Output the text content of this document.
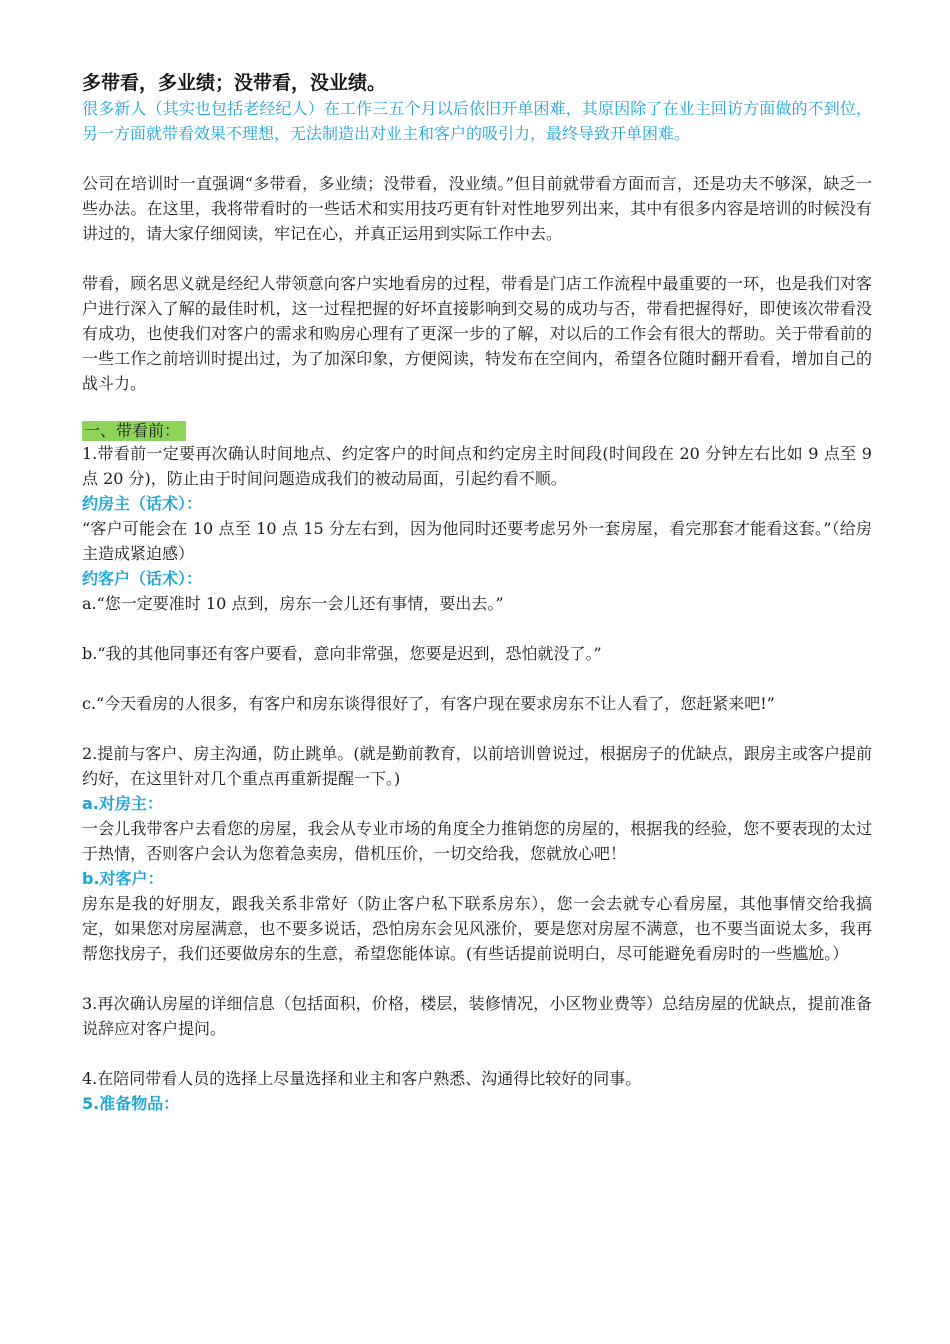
多带看，多业绩；没带看，没业绩。

很多新人（其实也包括老经纪人）在工作三五个月以后依旧开单困难，其原因除了在业主回访方面做的不到位，另一方面就带看效果不理想，无法制造出对业主和客户的吸引力，最终导致开单困难。

公司在培训时一直强调“多带看，多业绩；没带看，没业绩。”但目前就带看方面而言，还是功夫不够深，缺乏一些办法。在这里，我将带看时的一些话术和实用技巧更有针对性地罗列出来，其中有很多内容是培训的时候没有讲过的，请大家仔细阅读，牢记在心，并真正运用到实际工作中去。

带看，顾名思义就是经纪人带领意向客户实地看房的过程，带看是门店工作流程中最重要的一环，也是我们对客户进行深入了解的最佳时机，这一过程把握的好坏直接影响到交易的成功与否，带看把握得好，即使该次带看没有成功，也使我们对客户的需求和购房心理有了更深一步的了解，对以后的工作会有很大的帮助。关于带看前的一些工作之前培训时提出过，为了加深印象，方便阅读，特发布在空间内，希望各位随时翻开看看，增加自己的战斗力。

一、带看前：

1.带看前一定要再次确认时间地点、约定客户的时间点和约定房主时间段(时间段在 20 分钟左右比如 9 点至 9 点 20 分)，防止由于时间问题造成我们的被动局面，引起约看不顺。

约房主（话术）：

“客户可能会在 10 点至 10 点 15 分左右到，因为他同时还要考虑另外一套房屋，看完那套才能看这套。”（给房主造成紧迫感）

约客户（话术）：

a.“您一定要准时 10 点到，房东一会儿还有事情，要出去。”

b.“我的其他同事还有客户要看，意向非常强，您要是迟到，恐怕就没了。”

c.“今天看房的人很多，有客户和房东谈得很好了，有客户现在要求房东不让人看了，您赶紧来吧!”

2.提前与客户、房主沟通，防止跳单。(就是勤前教育，以前培训曾说过，根据房子的优缺点，跟房主或客户提前约好，在这里针对几个重点再重新提醒一下。)

a.对房主：

一会儿我带客户去看您的房屋，我会从专业市场的角度全力推销您的房屋的，根据我的经验，您不要表现的太过于热情，否则客户会认为您着急卖房，借机压价，一切交给我，您就放心吧！

b.对客户：

房东是我的好朋友，跟我关系非常好（防止客户私下联系房东），您一会去就专心看房屋，其他事情交给我搞定，如果您对房屋满意，也不要多说话，恐怕房东会见风涨价，要是您对房屋不满意，也不要当面说太多，我再帮您找房子，我们还要做房东的生意，希望您能体谅。(有些话提前说明白，尽可能避免看房时的一些尴尬。）

3.再次确认房屋的详细信息（包括面积，价格，楼层，装修情况，小区物业费等）总结房屋的优缺点，提前准备说辞应对客户提问。

4.在陪同带看人员的选择上尽量选择和业主和客户熟悉、沟通得比较好的同事。

5.准备物品：
